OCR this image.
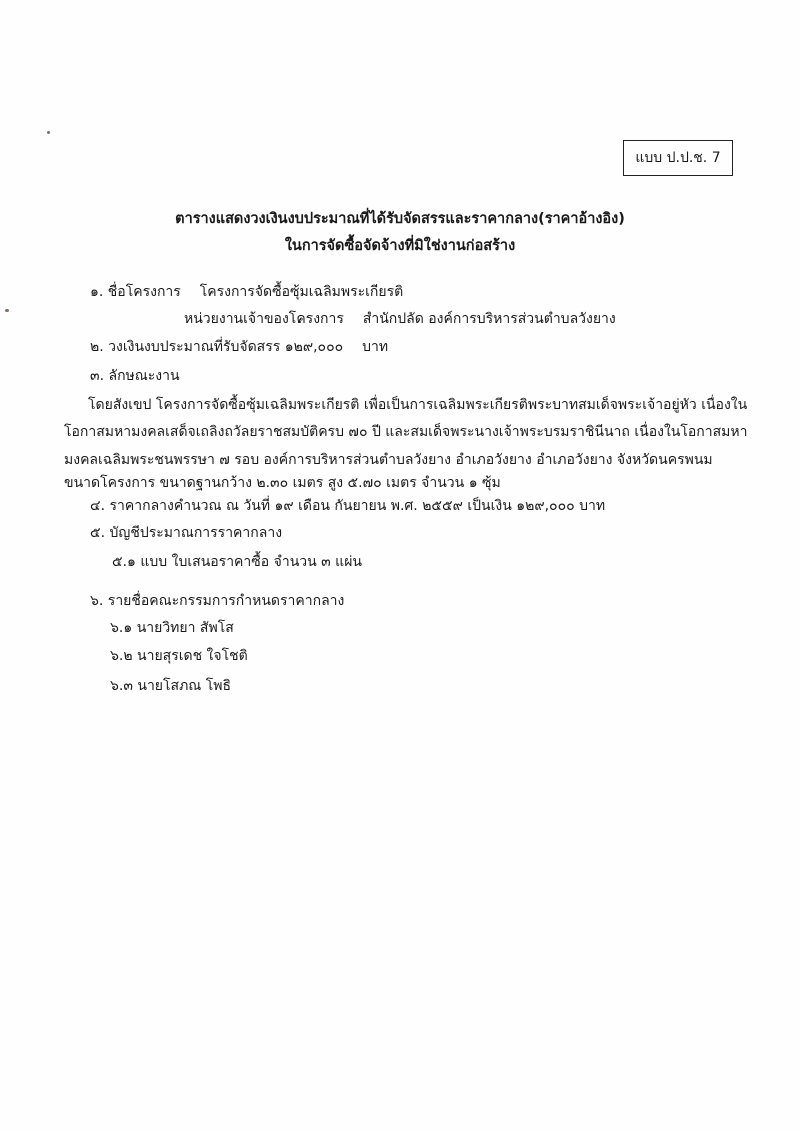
แบบ ป.ป.ช. 7
ตารางแสดงวงเงินงบประมาณที่ได้รับจัดสรรและราคากลาง(ราคาอ้างอิง)
ในการจัดซื้อจัดจ้างที่มิใช่งานก่อสร้าง
๑. ชื่อโครงการ โครงการจัดซื้อซุ้มเฉลิมพระเกียรติ
หน่วยงานเจ้าของโครงการ สำนักปลัด องค์การบริหารส่วนตำบลวังยาง
๒. วงเงินงบประมาณที่รับจัดสรร ๑๒๙,๐๐๐ บาท
๓. ลักษณะงาน
โดยสังเขป โครงการจัดซื้อซุ้มเฉลิมพระเกียรติ เพื่อเป็นการเฉลิมพระเกียรติพระบาทสมเด็จพระเจ้าอยู่หัว เนื่องใน
โอกาสมหามงคลเสด็จเถลิงถวัลยราชสมบัติครบ ๗๐ ปี และสมเด็จพระนางเจ้าพระบรมราชินีนาถ เนื่องในโอกาสมหา
มงคลเฉลิมพระชนพรรษา ๗ รอบ องค์การบริหารส่วนตำบลวังยาง อำเภอวังยาง อำเภอวังยาง จังหวัดนครพนม
ขนาดโครงการ ขนาดฐานกว้าง ๒.๓๐ เมตร สูง ๕.๗๐ เมตร จำนวน ๑ ซุ้ม
๔. ราคากลางคำนวณ ณ วันที่ ๑๙ เดือน กันยายน พ.ศ. ๒๕๕๙ เป็นเงิน ๑๒๙,๐๐๐ บาท
๕. บัญชีประมาณการราคากลาง
๕.๑ แบบ ใบเสนอราคาซื้อ จำนวน ๓ แผ่น
๖. รายชื่อคณะกรรมการกำหนดราคากลาง
๖.๑ นายวิทยา สัพโส
๖.๒ นายสุรเดช ใจโชติ
๖.๓ นายโสภณ โพธิ
